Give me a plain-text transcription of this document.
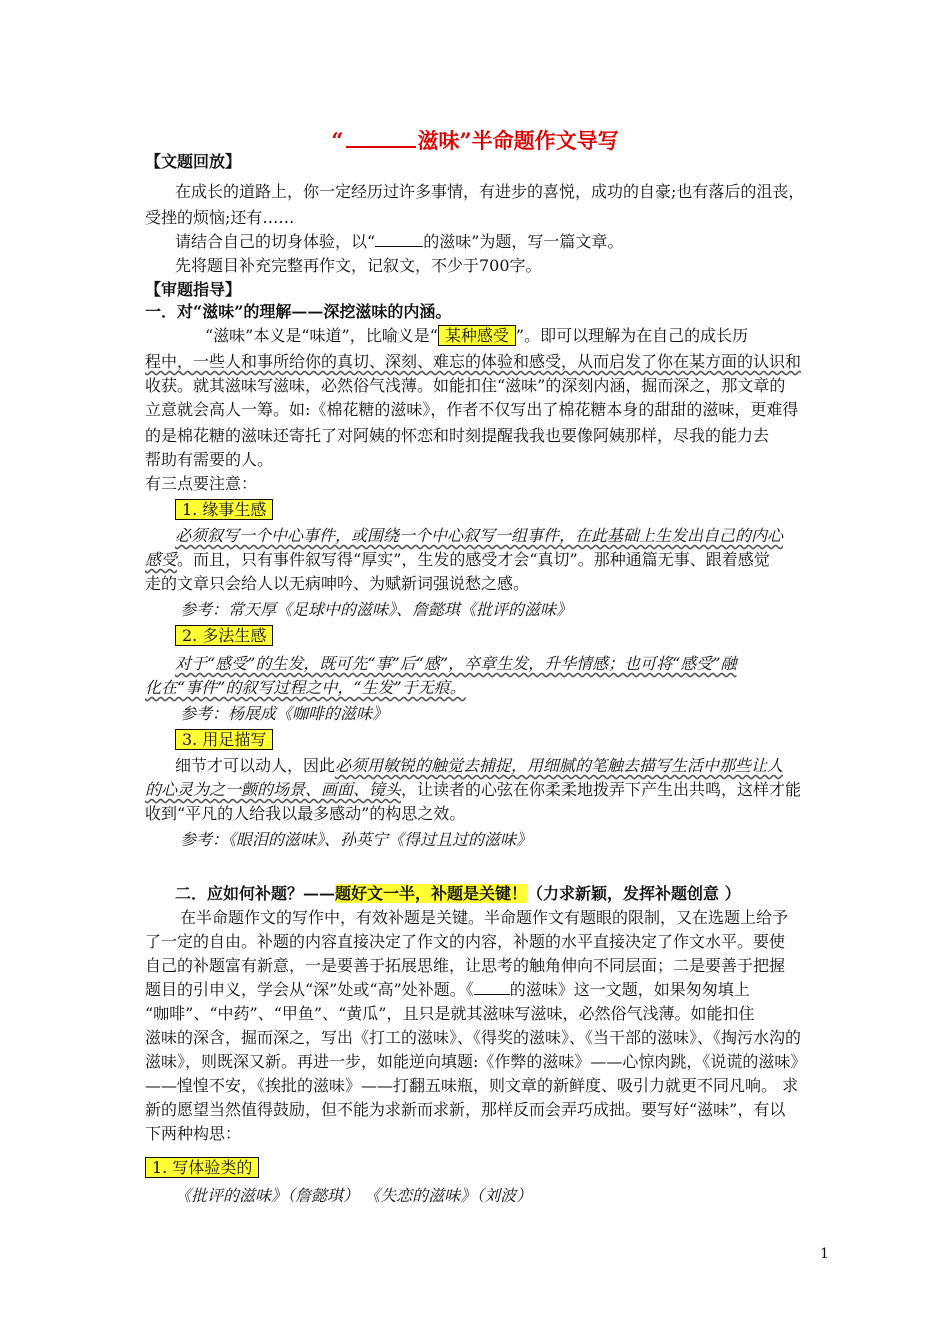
“	滋味”半命题作文导写
【文题回放】
在成长的道路上，你一定经历过许多事情，有进步的喜悦，成功的自豪;也有落后的沮丧，
受挫的烦恼;还有……
请结合自己的切身体验，以“	的滋味”为题，写一篇文章。
先将题目补充完整再作文，记叙文，不少于700字。
【审题指导】
一．对“滋味”的理解——深挖滋味的内涵。
“滋味”本义是“味道”，比喻义是“ 某种感受 ”。即可以理解为在自己的成长历
程中，一些人和事所给你的真切、深刻、难忘的体验和感受，从而启发了你在某方面的认识和
收获。就其滋味写滋味，必然俗气浅薄。如能扣住“滋味”的深刻内涵，掘而深之，那文章的
立意就会高人一筹。如:《棉花糖的滋味》，作者不仅写出了棉花糖本身的甜甜的滋味，更难得
的是棉花糖的滋味还寄托了对阿姨的怀恋和时刻提醒我我也要像阿姨那样，尽我的能力去
帮助有需要的人。
有三点要注意：
1. 缘事生感
必须叙写一个中心事件，或围绕一个中心叙写一组事件，在此基础上生发出自己的内心
感受。而且，只有事件叙写得“厚实”，生发的感受才会“真切”。那种通篇无事、跟着感觉
走的文章只会给人以无病呻吟、为赋新词强说愁之感。
参考：常天厚《足球中的滋味》、詹懿琪《批评的滋味》
2. 多法生感
对于“感受”的生发，既可先“事”后“感”，卒章生发，升华情感；也可将“感受”融
化在“事件”的叙写过程之中，“生发”于无痕。
参考：杨展成《咖啡的滋味》
3. 用足描写
细节才可以动人，因此必须用敏锐的触觉去捕捉，用细腻的笔触去描写生活中那些让人
的心灵为之一颤的场景、画面、镜头，让读者的心弦在你柔柔地拨弄下产生出共鸣，这样才能
收到“平凡的人给我以最多感动”的构思之效。
参考：《眼泪的滋味》、孙英宁《得过且过的滋味》
二．应如何补题？——题好文一半，补题是关键！（力求新颖，发挥补题创意 ）
在半命题作文的写作中，有效补题是关键。半命题作文有题眼的限制，又在选题上给予
了一定的自由。补题的内容直接决定了作文的内容，补题的水平直接决定了作文水平。要使
自己的补题富有新意，一是要善于拓展思维，让思考的触角伸向不同层面；二是要善于把握
题目的引申义，学会从“深”处或“高”处补题。《 的滋味》这一文题，如果匆匆填上
“咖啡”、“中药”、“甲鱼”、“黄瓜”，且只是就其滋味写滋味，必然俗气浅薄。如能扣住
滋味的深含，掘而深之，写出《打工的滋味》、《得奖的滋味》、《当干部的滋味》、《掏污水沟的
滋味》，则既深又新。再进一步，如能逆向填题:《作弊的滋味》——心惊肉跳，《说谎的滋味》
——惶惶不安，《挨批的滋味》——打翻五味瓶，则文章的新鲜度、吸引力就更不同凡响。 求
新的愿望当然值得鼓励，但不能为求新而求新，那样反而会弄巧成拙。要写好“滋味”，有以
下两种构思：
1. 写体验类的
《批评的滋味》（詹懿琪） 《失恋的滋味》（刘波）
1
